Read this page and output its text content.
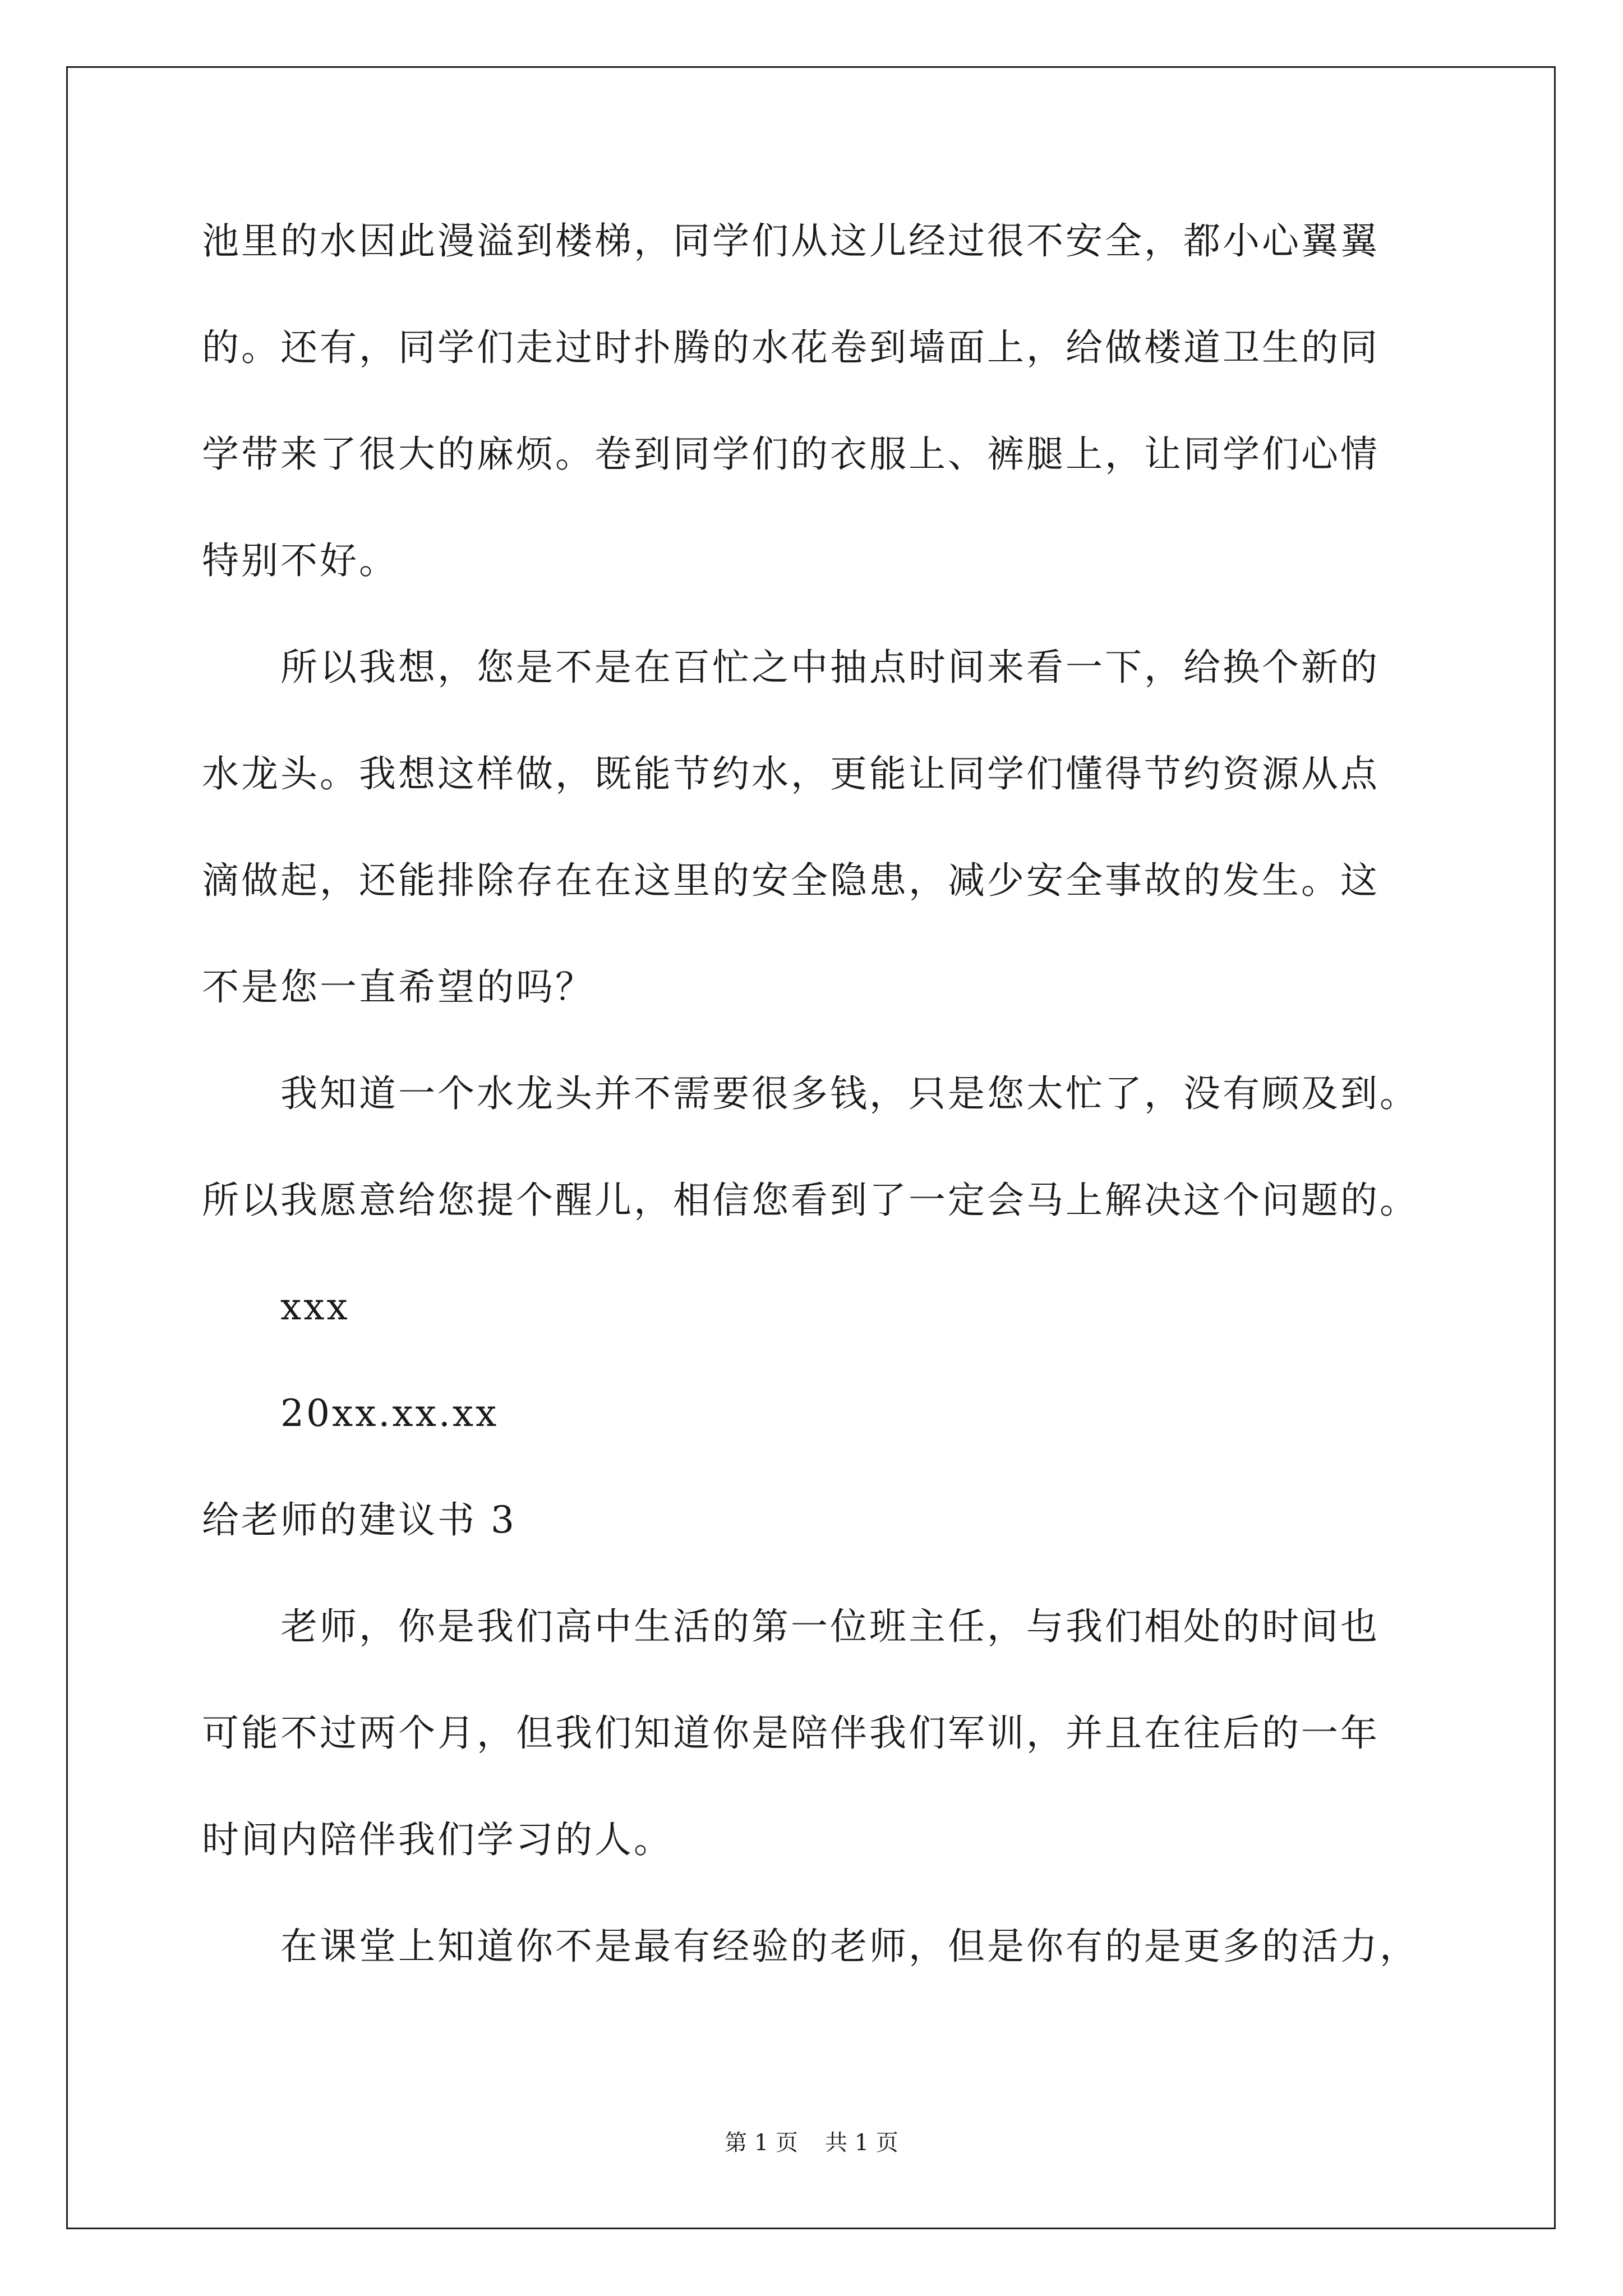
池里的水因此漫溢到楼梯，同学们从这儿经过很不安全，都小心翼翼
的。还有，同学们走过时扑腾的水花卷到墙面上，给做楼道卫生的同
学带来了很大的麻烦。卷到同学们的衣服上、裤腿上，让同学们心情
特别不好。
所以我想，您是不是在百忙之中抽点时间来看一下，给换个新的
水龙头。我想这样做，既能节约水，更能让同学们懂得节约资源从点
滴做起，还能排除存在在这里的安全隐患，减少安全事故的发生。这
不是您一直希望的吗？
我知道一个水龙头并不需要很多钱，只是您太忙了，没有顾及到。
所以我愿意给您提个醒儿，相信您看到了一定会马上解决这个问题的。
xxx
20xx.xx.xx
给老师的建议书 3
老师，你是我们高中生活的第一位班主任，与我们相处的时间也
可能不过两个月，但我们知道你是陪伴我们军训，并且在往后的一年
时间内陪伴我们学习的人。
在课堂上知道你不是最有经验的老师，但是你有的是更多的活力，
第 1 页 共 1 页
